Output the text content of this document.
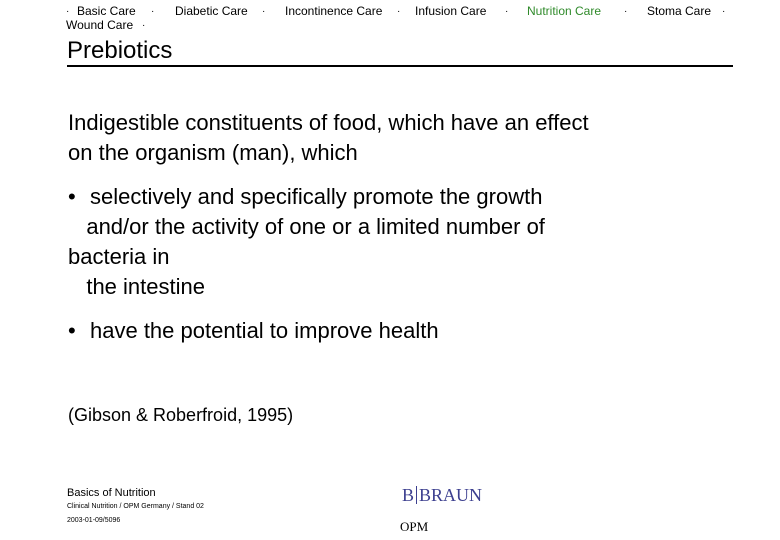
· Basic Care · Diabetic Care · Incontinence Care · Infusion Care · Nutrition Care · Stoma Care ·
Wound Care ·
Prebiotics
Indigestible constituents of food, which have an effect
on the organism (man), which
• selectively and specifically promote the growth
and/or the activity of one or a limited number of
bacteria in
the intestine
• have the potential to improve health
(Gibson & Roberfroid, 1995)
Basics of Nutrition
Clinical Nutrition / OPM Germany / Stand 02
2003-01-09/5096
B BRAUN
OPM
